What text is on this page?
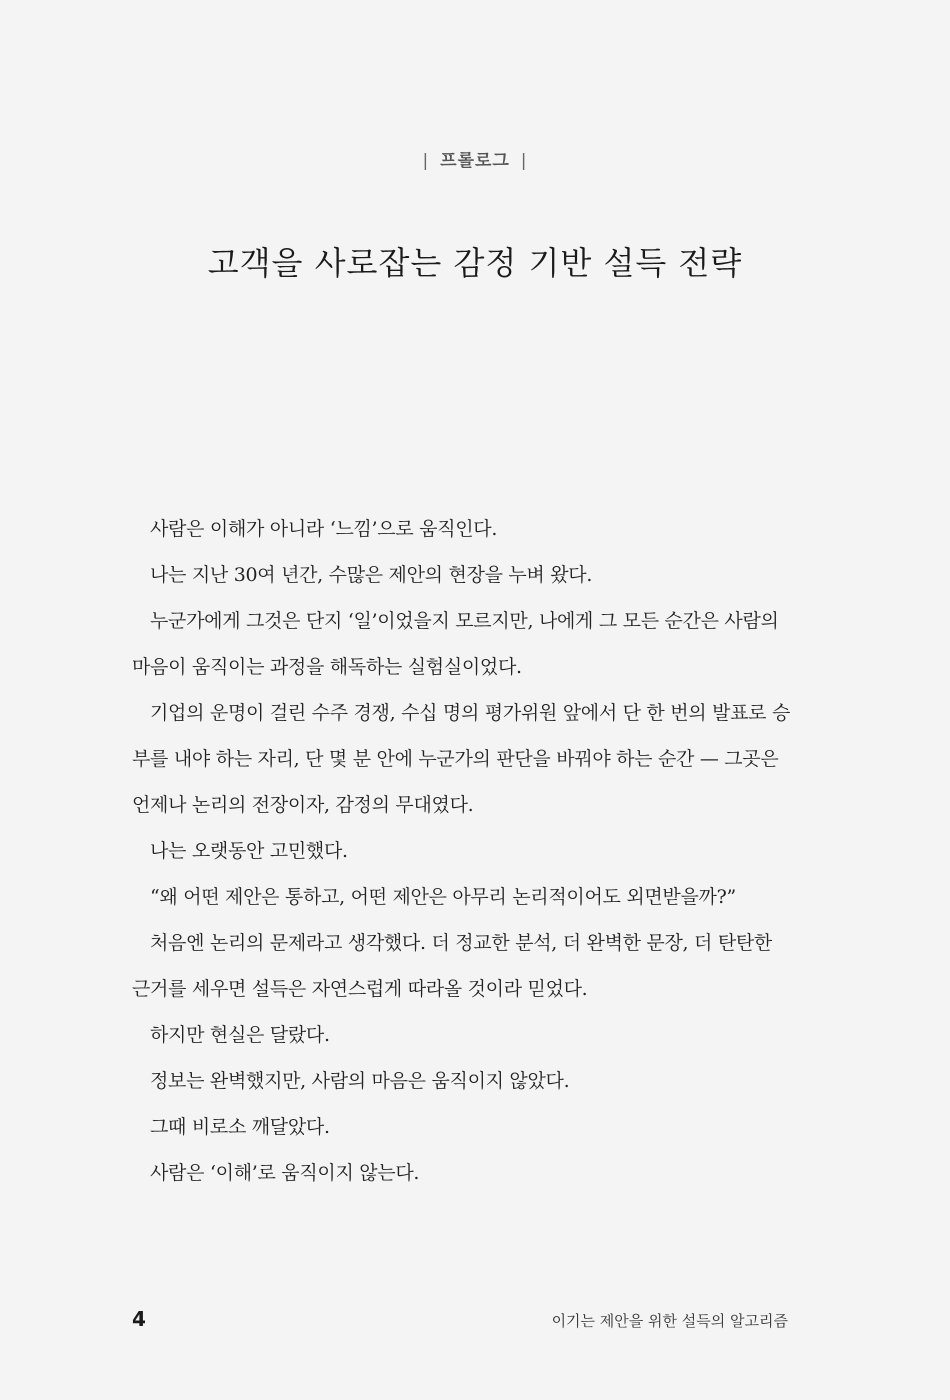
| 프롤로그 |
고객을 사로잡는 감정 기반 설득 전략

사람은 이해가 아니라 ‘느낌’으로 움직인다.

나는 지난 30여 년간, 수많은 제안의 현장을 누벼 왔다.

누군가에게 그것은 단지 ‘일’이었을지 모르지만, 나에게 그 모든 순간은 사람의 마음이 움직이는 과정을 해독하는 실험실이었다.

기업의 운명이 걸린 수주 경쟁, 수십 명의 평가위원 앞에서 단 한 번의 발표로 승부를 내야 하는 자리, 단 몇 분 안에 누군가의 판단을 바꿔야 하는 순간 — 그곳은 언제나 논리의 전장이자, 감정의 무대였다.

나는 오랫동안 고민했다.

“왜 어떤 제안은 통하고, 어떤 제안은 아무리 논리적이어도 외면받을까?”

처음엔 논리의 문제라고 생각했다. 더 정교한 분석, 더 완벽한 문장, 더 탄탄한 근거를 세우면 설득은 자연스럽게 따라올 것이라 믿었다.

하지만 현실은 달랐다.

정보는 완벽했지만, 사람의 마음은 움직이지 않았다.

그때 비로소 깨달았다.

사람은 ‘이해’로 움직이지 않는다.

4	이기는 제안을 위한 설득의 알고리즘
